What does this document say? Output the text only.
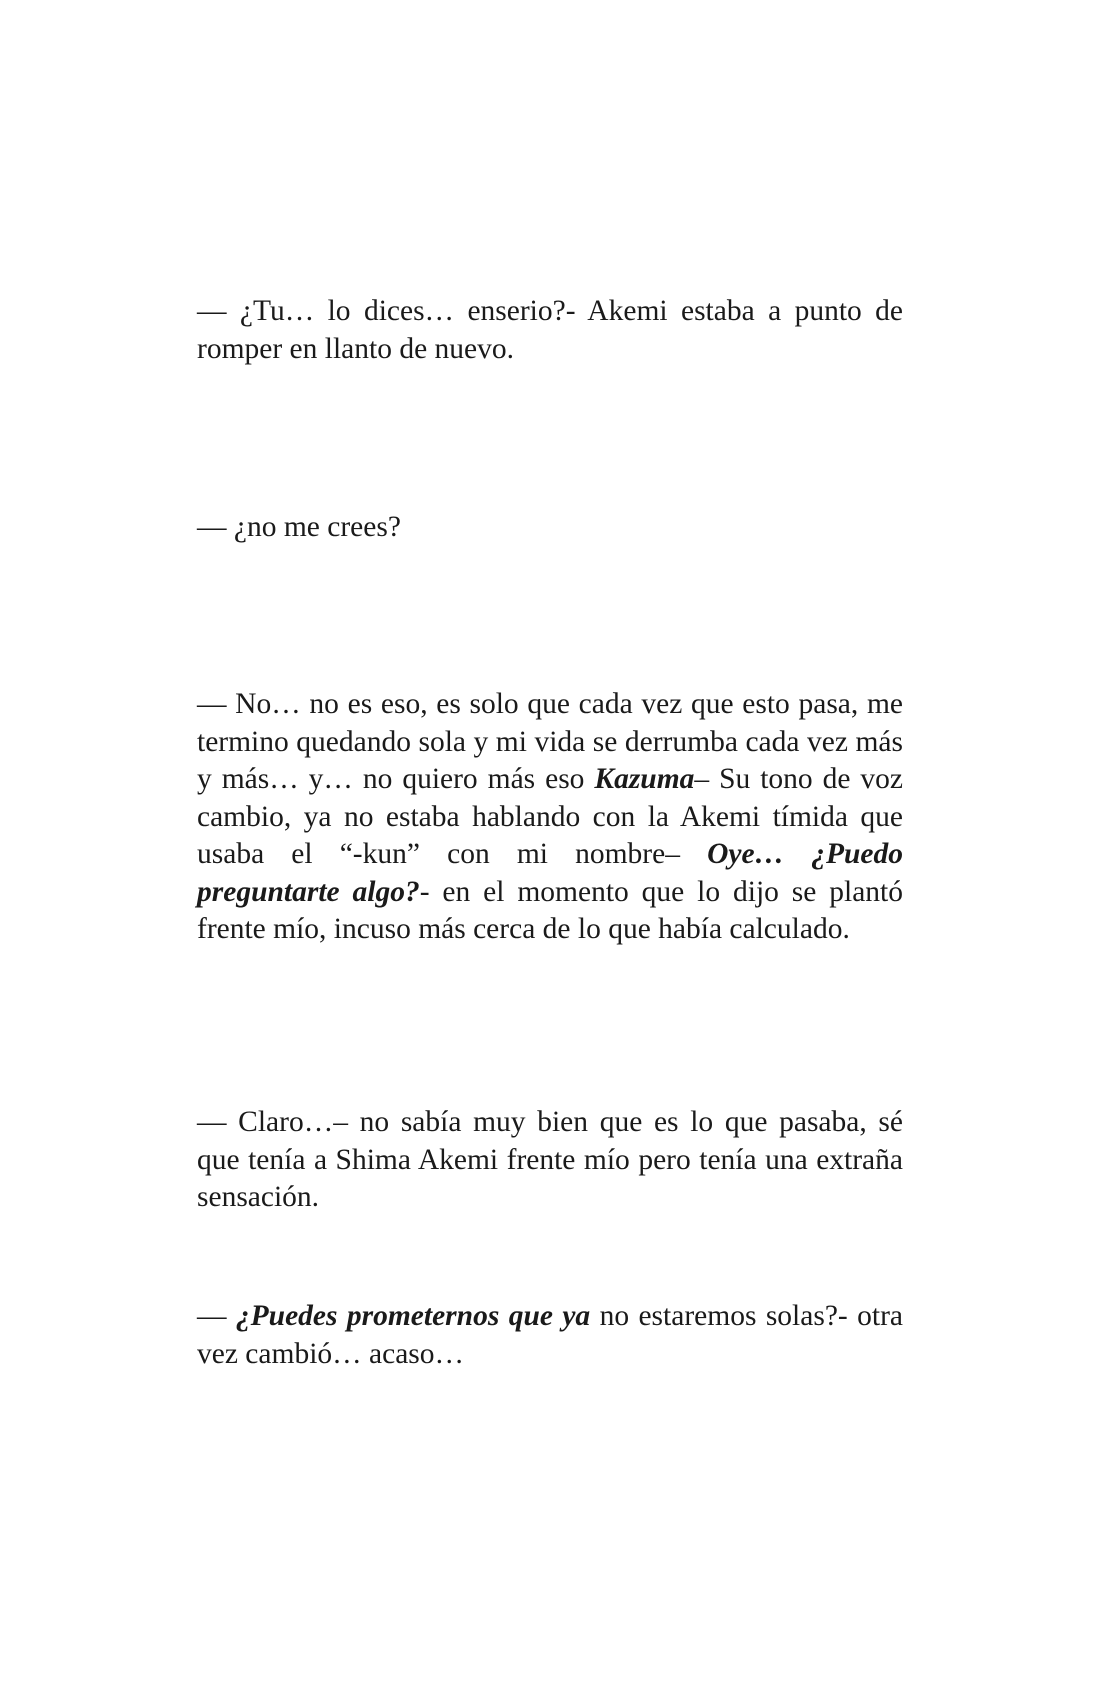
— ¿Tu… lo dices… enserio?- Akemi estaba a punto de romper en llanto de nuevo.

— ¿no me crees?

— No… no es eso, es solo que cada vez que esto pasa, me termino quedando sola y mi vida se derrumba cada vez más y más… y… no quiero más eso Kazuma– Su tono de voz cambio, ya no estaba hablando con la Akemi tímida que usaba el “-kun” con mi nombre– Oye… ¿Puedo preguntarte algo?- en el momento que lo dijo se plantó frente mío, incuso más cerca de lo que había calculado.

— Claro…– no sabía muy bien que es lo que pasaba, sé que tenía a Shima Akemi frente mío pero tenía una extraña sensación.

— ¿Puedes prometernos que ya no estaremos solas?- otra vez cambió… acaso…
